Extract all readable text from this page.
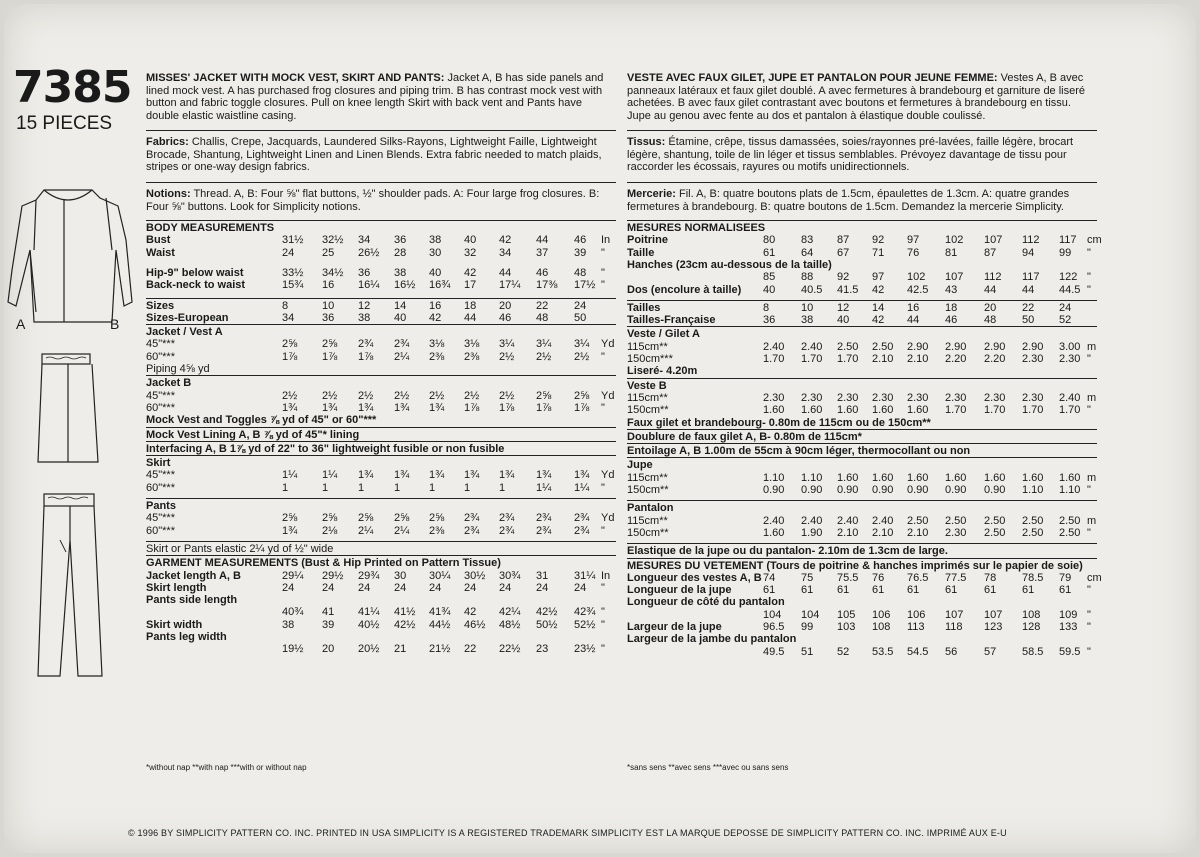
7385
15 PIECES
A	B

MISSES' JACKET WITH MOCK VEST, SKIRT AND PANTS: Jacket A, B has side panels and lined mock vest. A has purchased frog closures and piping trim. B has contrast mock vest with button and fabric toggle closures. Pull on knee length Skirt with back vent and Pants have double elastic waistline casing.

Fabrics: Challis, Crepe, Jacquards, Laundered Silks-Rayons, Lightweight Faille, Lightweight Brocade, Shantung, Lightweight Linen and Linen Blends. Extra fabric needed to match plaids, stripes or one-way design fabrics.
Notions: Thread. A, B: Four ⅝" flat buttons, ½" shoulder pads. A: Four large frog closures. B: Four ⅝" buttons. Look for Simplicity notions.
BODY MEASUREMENTS
Bust	31½	32½	34	36	38	40	42	44	46	In
Waist	24	25	26½	28	30	32	34	37	39	"
Hip-9" below waist	33½	34½	36	38	40	42	44	46	48	"
Back-neck to waist	15¾	16	16¼	16½	16¾	17	17¼	17⅜	17½ "
Sizes	8	10	12	14	16	18	20	22	24
Sizes-European	34	36	38	40	42	44	46	48	50
Jacket / Vest A
45"***	2⅝	2⅝	2¾	2¾	3⅛	3⅛	3¼	3¼	3¼	Yd
60"***	1⅞	1⅞	1⅞	2¼	2⅜	2⅜	2½	2½	2½	"
Piping 4⅝ yd
Jacket B
45"***	2½	2½	2½	2½	2½	2½	2½	2⅝	2⅝	Yd
60"***	1¾	1¾	1¾	1¾	1¾	1⅞	1⅞	1⅞	1⅞	"
Mock Vest and Toggles ⅞ yd of 45" or 60"***
Mock Vest Lining A, B ⅞ yd of 45"* lining
Interfacing A, B 1⅞ yd of 22" to 36" lightweight fusible or non fusible
Skirt
45"***	1¼	1¼	1¾	1¾	1¾	1¾	1¾	1¾	1¾	Yd
60"***	1	1	1	1	1	1	1	1¼	1¼	"
Pants
45"***	2⅝	2⅝	2⅝	2⅝	2⅝	2¾	2¾	2¾	2¾	Yd
60"***	1¾	2⅛	2¼	2¼	2⅜	2¾	2¾	2¾	2¾	"
Skirt or Pants elastic 2¼ yd of ½" wide
GARMENT MEASUREMENTS (Bust & Hip Printed on Pattern Tissue)
Jacket length A, B	29¼	29½	29¾	30	30¼	30½	30¾	31	31¼ In
Skirt length	24	24	24	24	24	24	24	24	24	"
Pants side length
40¾	41	41¼	41½	41¾	42	42¼	42½	42¾ "
Skirt width	38	39	40½	42½	44½	46½	48½	50½	52½ "
Pants leg width
19½	20	20½	21	21½	22	22½	23	23½ "

VESTE AVEC FAUX GILET, JUPE ET PANTALON POUR JEUNE FEMME: Vestes A, B avec panneaux latéraux et faux gilet doublé. A avec fermetures à brandebourg et garniture de liseré achetées. B avec faux gilet contrastant avec boutons et fermetures à brandebourg en tissu. Jupe au genou avec fente au dos et pantalon à élastique double coulissé.

Tissus: Étamine, crêpe, tissus damassées, soies/rayonnes pré-lavées, faille légère, brocart légère, shantung, toile de lin léger et tissus semblables. Prévoyez davantage de tissu pour raccorder les écossais, rayures ou motifs unidirectionnels.
Mercerie: Fil. A, B: quatre boutons plats de 1.5cm, épaulettes de 1.3cm. A: quatre grandes fermetures à brandebourg. B: quatre boutons de 1.5cm. Demandez la mercerie Simplicity.
MESURES NORMALISEES
Poitrine	80	83	87	92	97	102	107	112	117 cm
Taille	61	64	67	71	76	81	87	94	99	"
Hanches (23cm au-dessous de la taille)
85	88	92	97	102	107	112	117	122 "
Dos (encolure à taille) 40	40.5	41.5	42	42.5	43	44	44	44.5 "
Tailles	8	10	12	14	16	18	20	22	24
Tailles-Française	36	38	40	42	44	46	48	50	52
Veste / Gilet A
115cm**	2.40	2.40	2.50	2.50	2.90	2.90	2.90	2.90	3.00 m
150cm***	1.70	1.70	1.70	2.10	2.10	2.20	2.20	2.30	2.30 "
Liseré- 4.20m
Veste B
115cm**	2.30	2.30	2.30	2.30	2.30	2.30	2.30	2.30	2.40 m
150cm**	1.60	1.60	1.60	1.60	1.60	1.70	1.70	1.70	1.70 "
Faux gilet et brandebourg- 0.80m de 115cm ou de 150cm**
Doublure de faux gilet A, B- 0.80m de 115cm*
Entoilage A, B 1.00m de 55cm à 90cm léger, thermocollant ou non
Jupe
115cm**	1.10	1.10	1.60	1.60	1.60	1.60	1.60	1.60	1.60 m
150cm**	0.90	0.90	0.90	0.90	0.90	0.90	0.90	1.10	1.10 "
Pantalon
115cm**	2.40	2.40	2.40	2.40	2.50	2.50	2.50	2.50	2.50 m
150cm**	1.60	1.90	2.10	2.10	2.10	2.30	2.50	2.50	2.50 "
Elastique de la jupe ou du pantalon- 2.10m de 1.3cm de large.
MESURES DU VETEMENT (Tours de poitrine & hanches imprimés sur le papier de soie)
Longueur des vestes A, B 74	75	75.5	76	76.5	77.5	78	78.5	79	cm
Longueur de la jupe	61	61	61	61	61	61	61	61	61	"
Longueur de côté du pantalon
104	104	105	106	106	107	107	108	109 "
Largeur de la jupe	96.5	99	103	108	113	118	123	128	133 "
Largeur de la jambe du pantalon
49.5	51	52	53.5	54.5	56	57	58.5	59.5 "
*without nap **with nap ***with or without nap	*sans sens **avec sens ***avec ou sans sens
© 1996 BY SIMPLICITY PATTERN CO. INC. PRINTED IN USA SIMPLICITY IS A REGISTERED TRADEMARK SIMPLICITY EST LA MARQUE DEPOSSE DE SIMPLICITY PATTERN CO. INC. IMPRIMÉ AUX E-U
